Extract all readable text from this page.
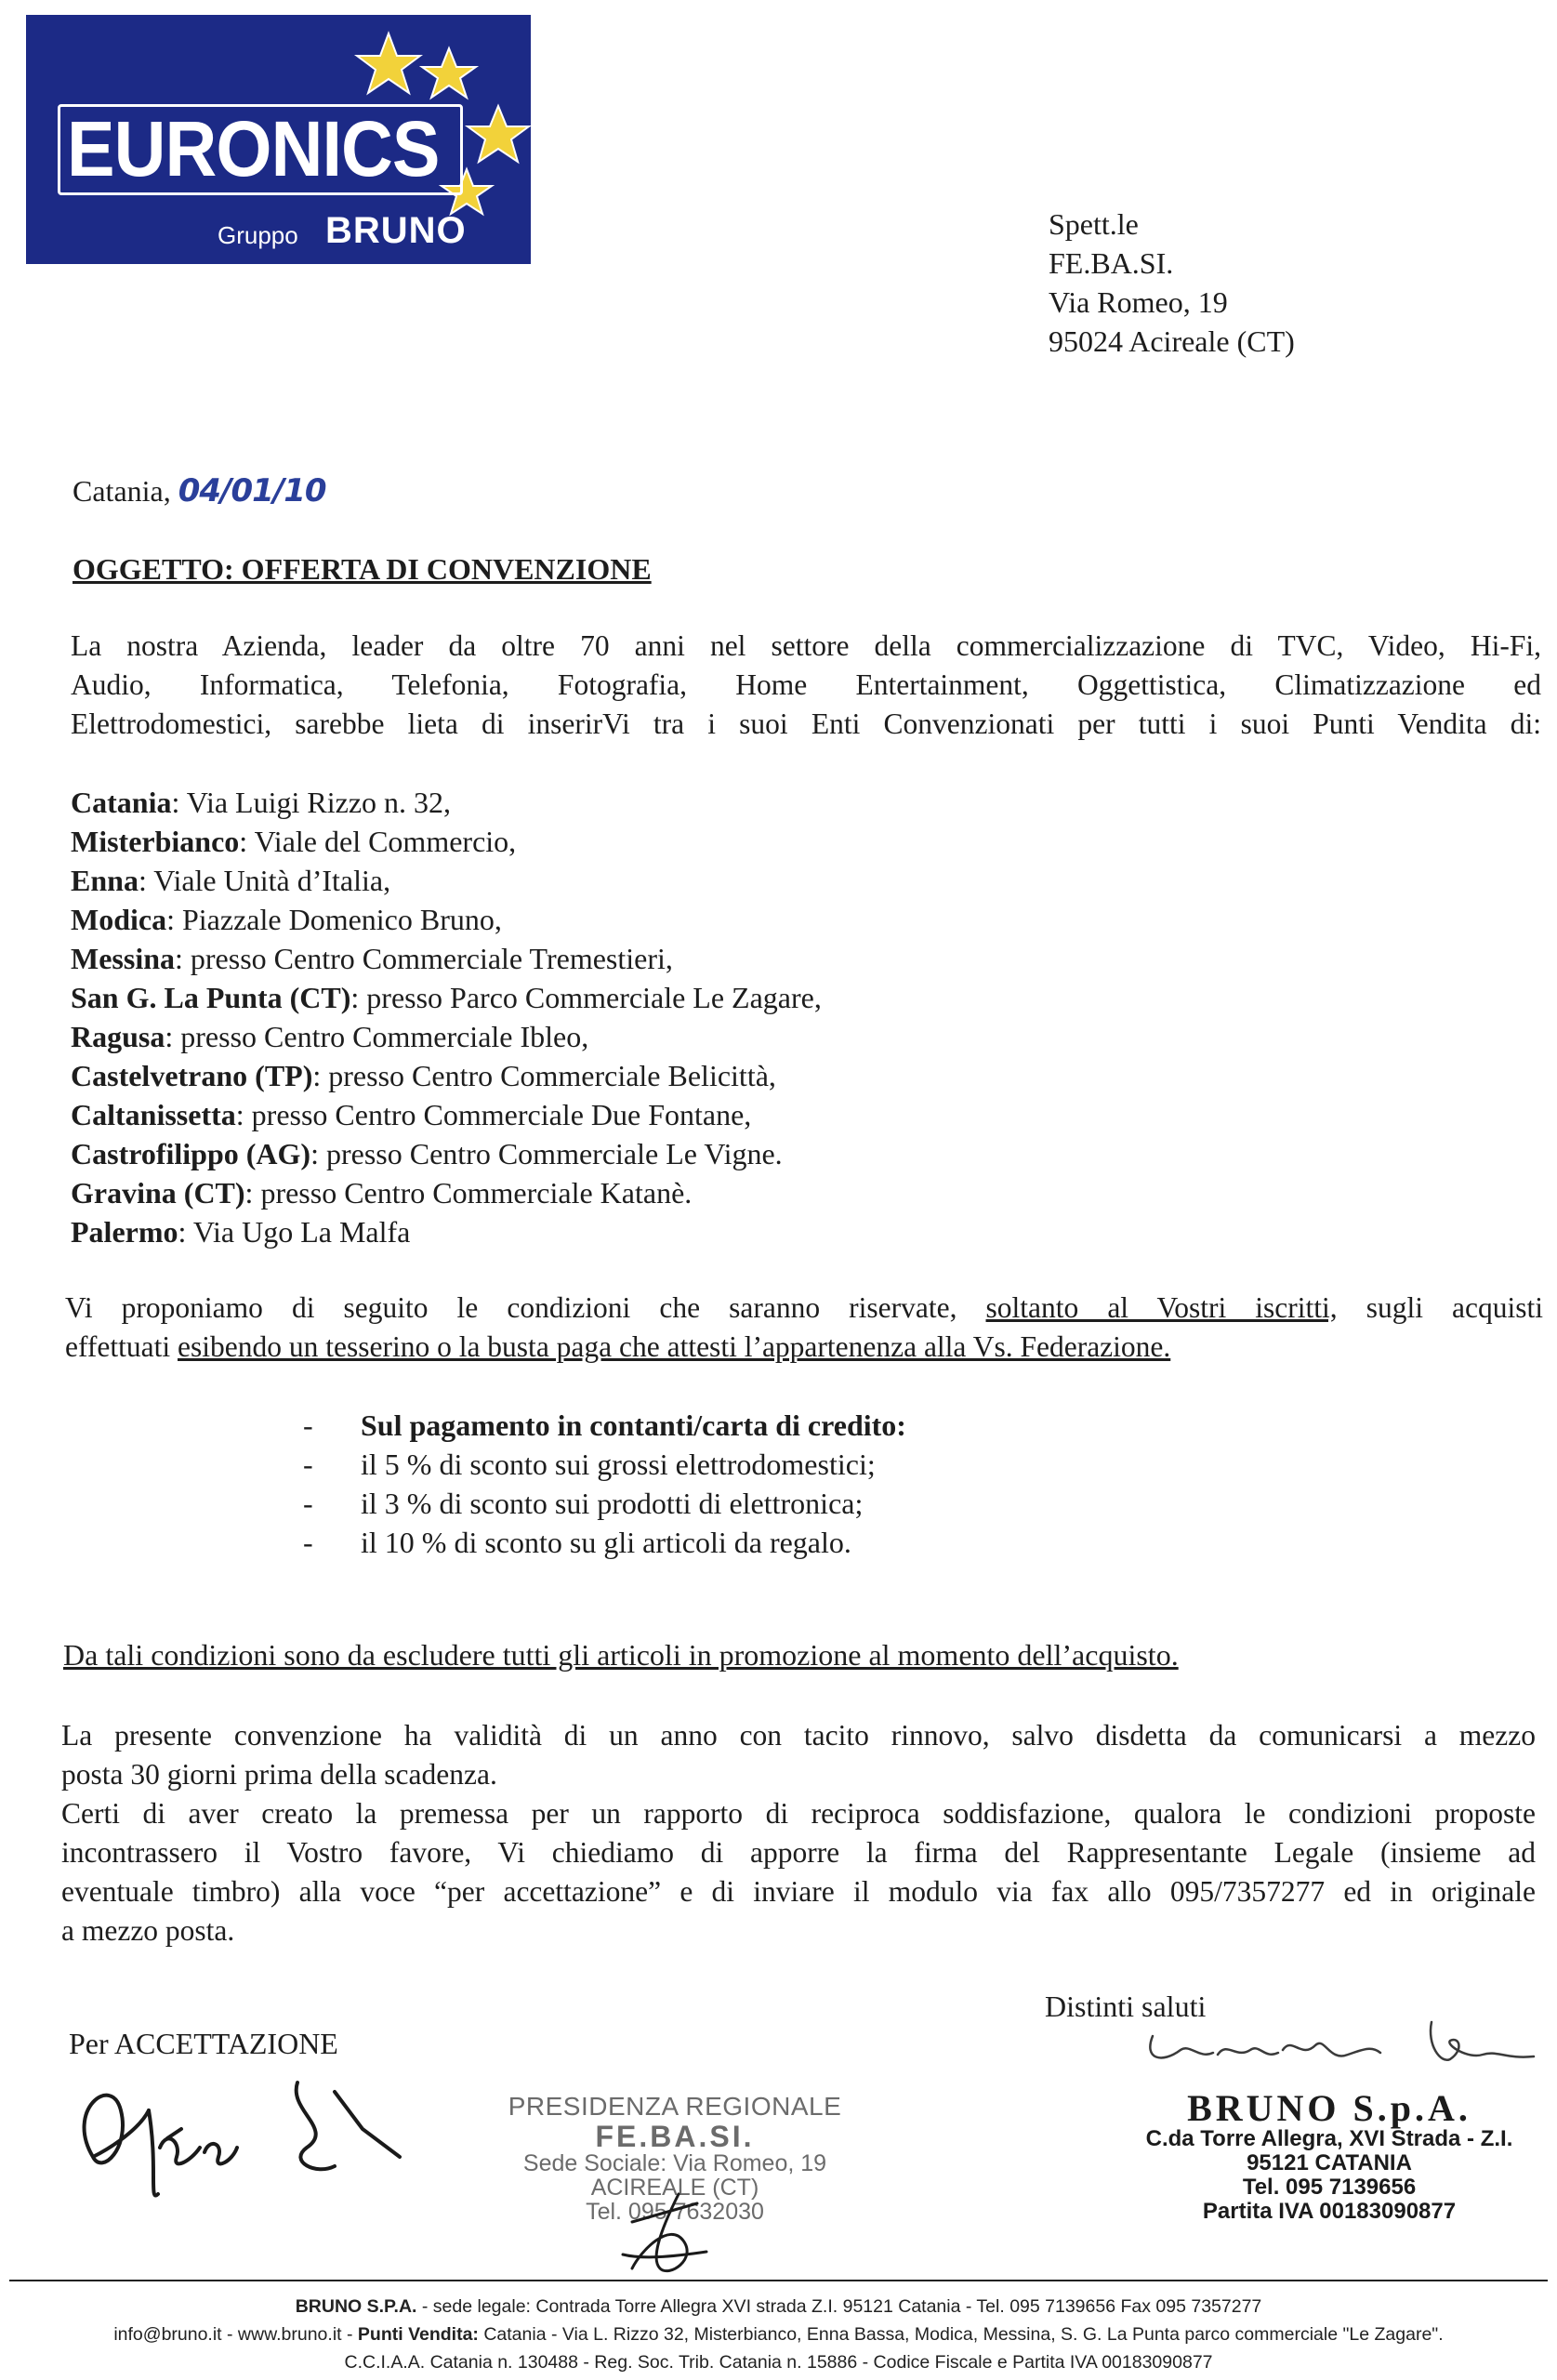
EURONICS
Gruppo BRUNO	Spett.le
FE.BA.SI.
Via Romeo, 19
95024 Acireale (CT)
Catania, 04/01/10
OGGETTO: OFFERTA DI CONVENZIONE
La nostra Azienda, leader da oltre 70 anni nel settore della commercializzazione di TVC, Video, Hi-Fi,
Audio, Informatica, Telefonia, Fotografia, Home Entertainment, Oggettistica, Climatizzazione ed
Elettrodomestici, sarebbe lieta di inserirVi tra i suoi Enti Convenzionati per tutti i suoi Punti Vendita di:
Catania: Via Luigi Rizzo n. 32,
Misterbianco: Viale del Commercio,
Enna: Viale Unità d’Italia,
Modica: Piazzale Domenico Bruno,
Messina: presso Centro Commerciale Tremestieri,
San G. La Punta (CT): presso Parco Commerciale Le Zagare,
Ragusa: presso Centro Commerciale Ibleo,
Castelvetrano (TP): presso Centro Commerciale Belicittà,
Caltanissetta: presso Centro Commerciale Due Fontane,
Castrofilippo (AG): presso Centro Commerciale Le Vigne.
Gravina (CT): presso Centro Commerciale Katanè.
Palermo: Via Ugo La Malfa
Vi proponiamo di seguito le condizioni che saranno riservate, soltanto al Vostri iscritti, sugli acquisti
effettuati esibendo un tesserino o la busta paga che attesti l’appartenenza alla Vs. Federazione.
- Sul pagamento in contanti/carta di credito:
- il 5 % di sconto sui grossi elettrodomestici;
- il 3 % di sconto sui prodotti di elettronica;
- il 10 % di sconto su gli articoli da regalo.
Da tali condizioni sono da escludere tutti gli articoli in promozione al momento dell’acquisto.
La presente convenzione ha validità di un anno con tacito rinnovo, salvo disdetta da comunicarsi a mezzo
posta 30 giorni prima della scadenza.
Certi di aver creato la premessa per un rapporto di reciproca soddisfazione, qualora le condizioni proposte
incontrassero il Vostro favore, Vi chiediamo di apporre la firma del Rappresentante Legale (insieme ad
eventuale timbro) alla voce “per accettazione” e di inviare il modulo via fax allo 095/7357277 ed in originale
a mezzo posta.
Distinti saluti
Per ACCETTAZIONE
PRESIDENZA REGIONALE
FE.BA.SI.
Sede Sociale: Via Romeo, 19
ACIREALE (CT)
Tel. 095 7632030
BRUNO S.p.A.
C.da Torre Allegra, XVI Strada - Z.I.
95121 CATANIA
Tel. 095 7139656
Partita IVA 00183090877
BRUNO S.P.A. - sede legale: Contrada Torre Allegra XVI strada Z.I. 95121 Catania - Tel. 095 7139656 Fax 095 7357277
info@bruno.it - www.bruno.it - Punti Vendita: Catania - Via L. Rizzo 32, Misterbianco, Enna Bassa, Modica, Messina, S. G. La Punta parco commerciale "Le Zagare".
C.C.I.A.A. Catania n. 130488 - Reg. Soc. Trib. Catania n. 15886 - Codice Fiscale e Partita IVA 00183090877
